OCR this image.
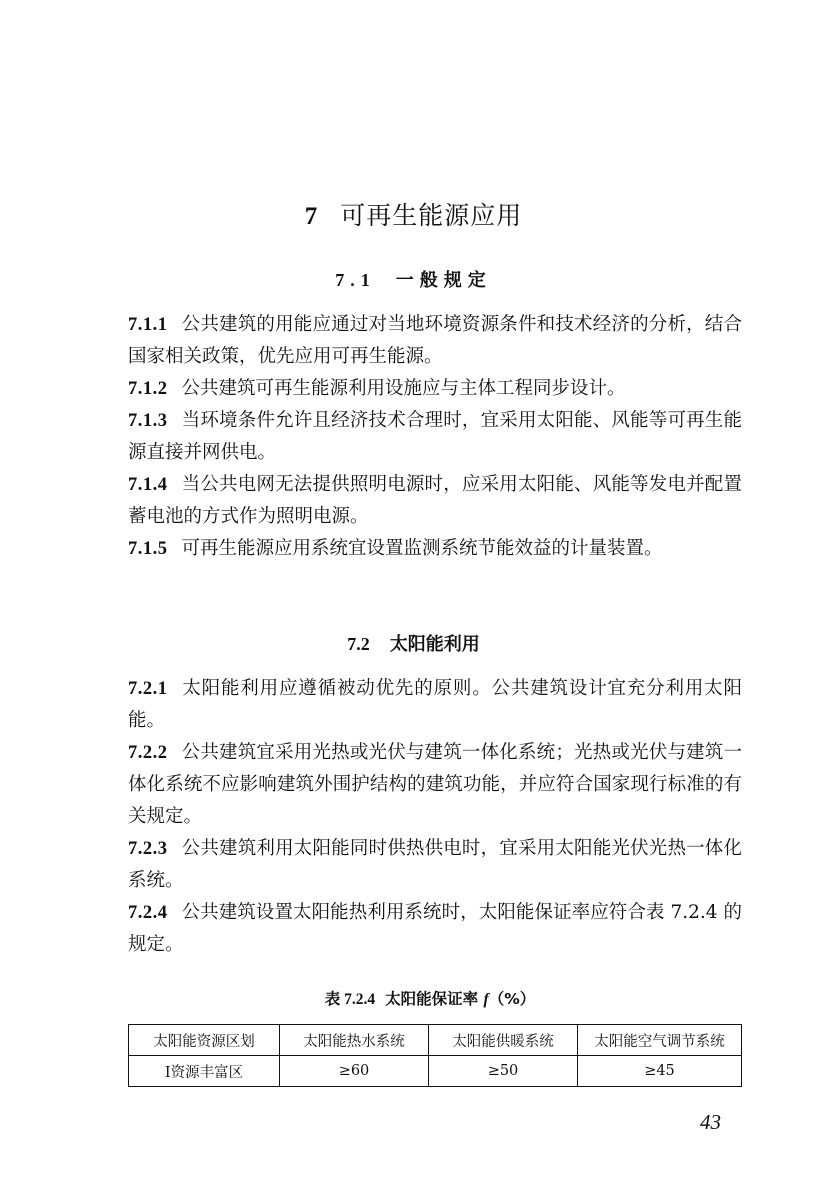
7 可再生能源应用
7.1 一般规定

7.1.1 公共建筑的用能应通过对当地环境资源条件和技术经济的分析，结合国家相关政策，优先应用可再生能源。

7.1.2 公共建筑可再生能源利用设施应与主体工程同步设计。

7.1.3 当环境条件允许且经济技术合理时，宜采用太阳能、风能等可再生能源直接并网供电。

7.1.4 当公共电网无法提供照明电源时，应采用太阳能、风能等发电并配置蓄电池的方式作为照明电源。

7.1.5 可再生能源应用系统宜设置监测系统节能效益的计量装置。

7.2 太阳能利用

7.2.1 太阳能利用应遵循被动优先的原则。公共建筑设计宜充分利用太阳能。

7.2.2 公共建筑宜采用光热或光伏与建筑一体化系统；光热或光伏与建筑一体化系统不应影响建筑外围护结构的建筑功能，并应符合国家现行标准的有关规定。

7.2.3 公共建筑利用太阳能同时供热供电时，宜采用太阳能光伏光热一体化系统。

7.2.4 公共建筑设置太阳能热利用系统时，太阳能保证率应符合表 7.2.4 的规定。

表 7.2.4 太阳能保证率 f（%）
太阳能资源区划	太阳能热水系统	太阳能供暖系统	太阳能空气调节系统
Ⅰ资源丰富区	≥60	≥50	≥45
43
